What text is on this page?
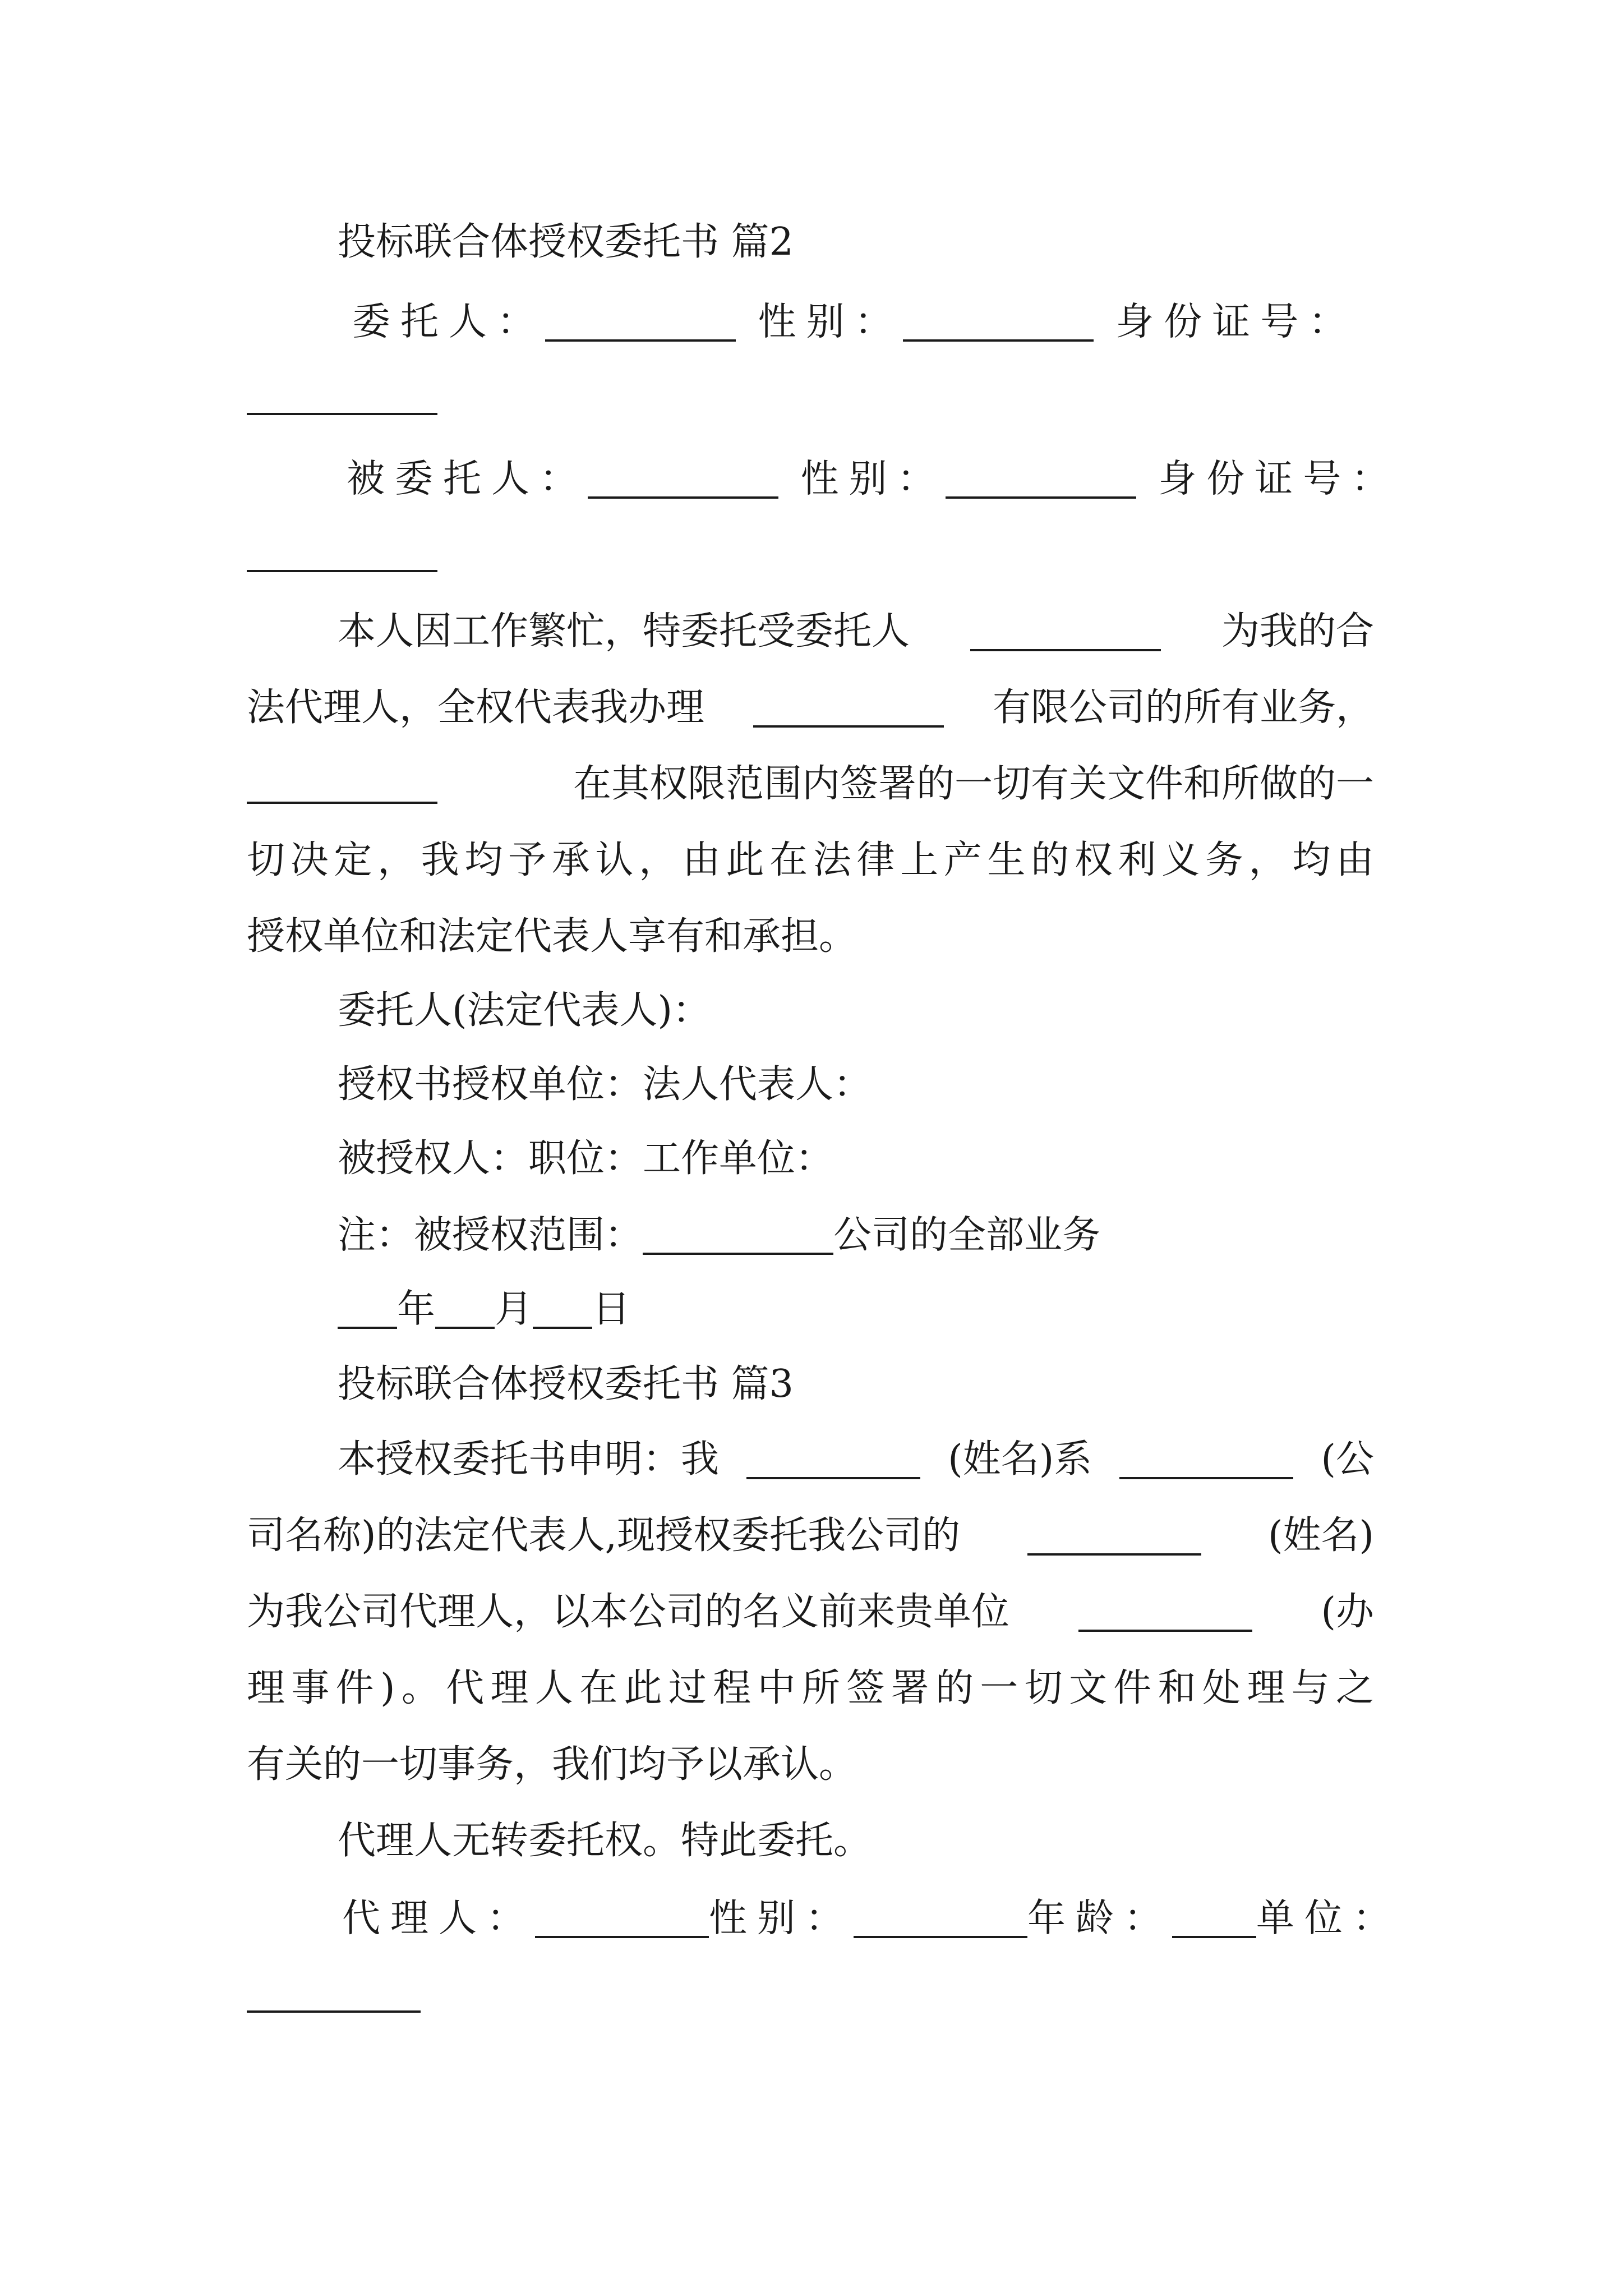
投标联合体授权委托书 篇2
委托人：	性别：	身份证号：
被委托人：	性别：	身份证号：
本人因工作繁忙，特委托受委托人	为我的合
法代理人，全权代表我办理	有限公司的所有业务，
在其权限范围内签署的一切有关文件和所做的一
切决定，我均予承认，由此在法律上产生的权利义务，均由
授权单位和法定代表人享有和承担。
委托人(法定代表人)：
授权书授权单位：法人代表人：
被授权人：职位：工作单位：
注：被授权范围：	公司的全部业务
年 月 日
投标联合体授权委托书 篇3
本授权委托书申明：我	(姓名)系	(公
司名称)的法定代表人,现授权委托我公司的	(姓名)
为我公司代理人，以本公司的名义前来贵单位	(办
理事件)。代理人在此过程中所签署的一切文件和处理与之
有关的一切事务，我们均予以承认。
代理人无转委托权。特此委托。
代理人：	性别：	年龄： 单位：
